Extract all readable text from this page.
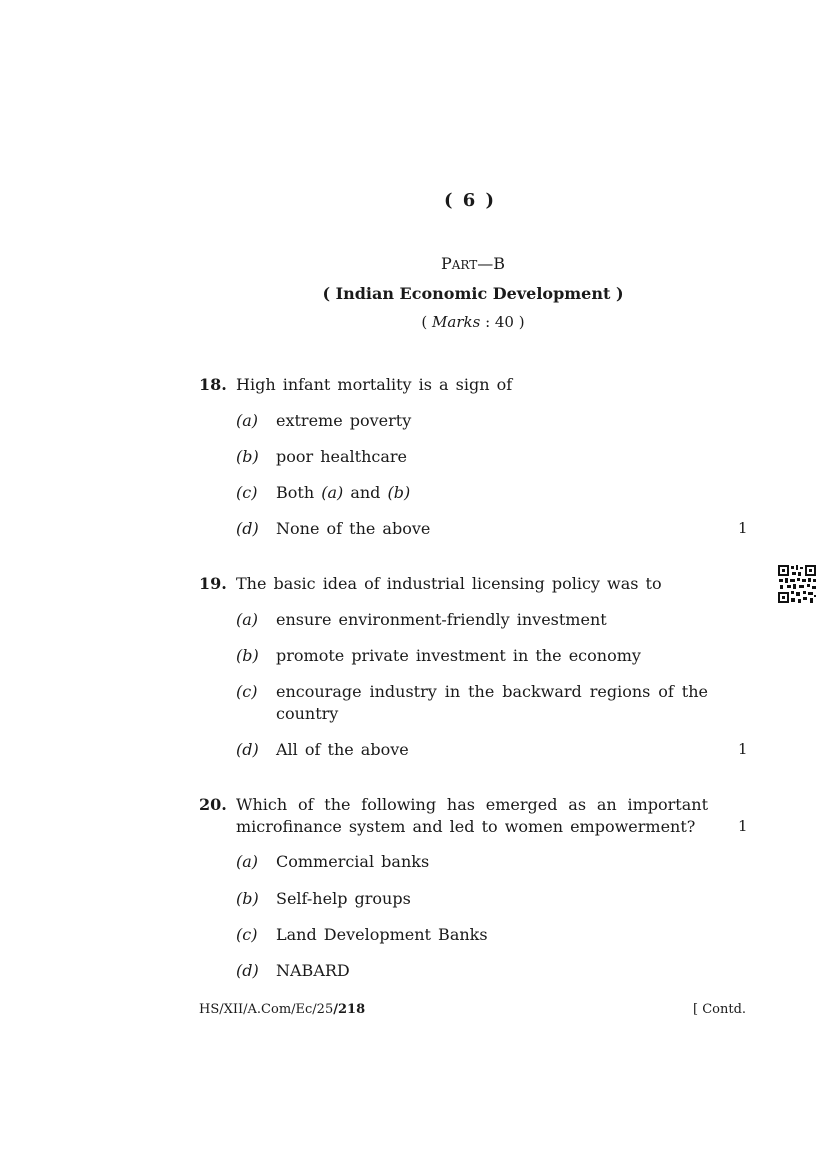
( 6 )
PART—B
( Indian Economic Development )
( Marks : 40 )
18. High infant mortality is a sign of
(a) extreme poverty
(b) poor healthcare
(c) Both (a) and (b)
(d) None of the above	1
19. The basic idea of industrial licensing policy was to
(a) ensure environment-friendly investment
(b) promote private investment in the economy
(c) encourage industry in the backward regions of the country
(d) All of the above	1
20. Which of the following has emerged as an important microfinance system and led to women empowerment?	1
(a) Commercial banks
(b) Self-help groups
(c) Land Development Banks
(d) NABARD
HS/XII/A.Com/Ec/25/218	[ Contd.
